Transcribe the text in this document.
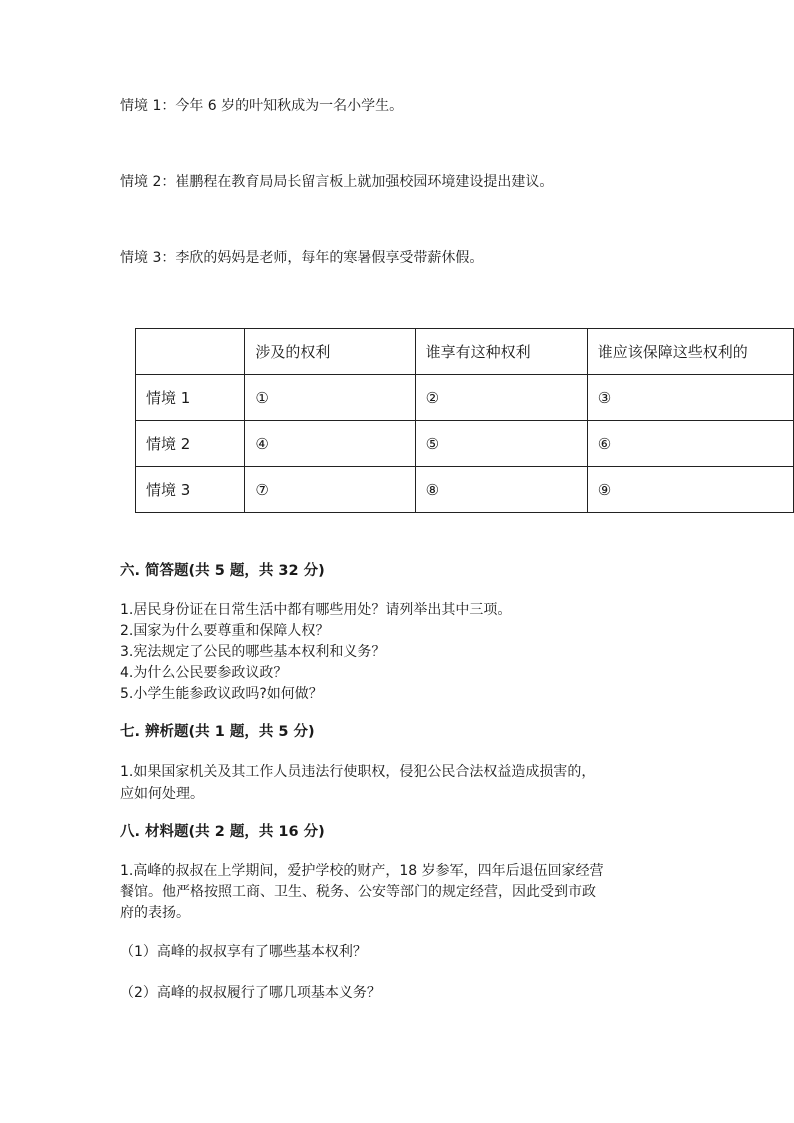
情境 1：今年 6 岁的叶知秋成为一名小学生。
情境 2：崔鹏程在教育局局长留言板上就加强校园环境建设提出建议。
情境 3：李欣的妈妈是老师，每年的寒暑假享受带薪休假。
	涉及的权利	谁享有这种权利	谁应该保障这些权利的
情境 1	①	②	③
情境 2	④	⑤	⑥
情境 3	⑦	⑧	⑨
六. 简答题(共 5 题，共 32 分)
1.居民身份证在日常生活中都有哪些用处？请列举出其中三项。
2.国家为什么要尊重和保障人权？
3.宪法规定了公民的哪些基本权利和义务？
4.为什么公民要参政议政？
5.小学生能参政议政吗?如何做？
七. 辨析题(共 1 题，共 5 分)
1.如果国家机关及其工作人员违法行使职权，侵犯公民合法权益造成损害的，
应如何处理。
八. 材料题(共 2 题，共 16 分)
1.高峰的叔叔在上学期间，爱护学校的财产，18 岁参军，四年后退伍回家经营
餐馆。他严格按照工商、卫生、税务、公安等部门的规定经营，因此受到市政
府的表扬。
（1）高峰的叔叔享有了哪些基本权利？
（2）高峰的叔叔履行了哪几项基本义务？
